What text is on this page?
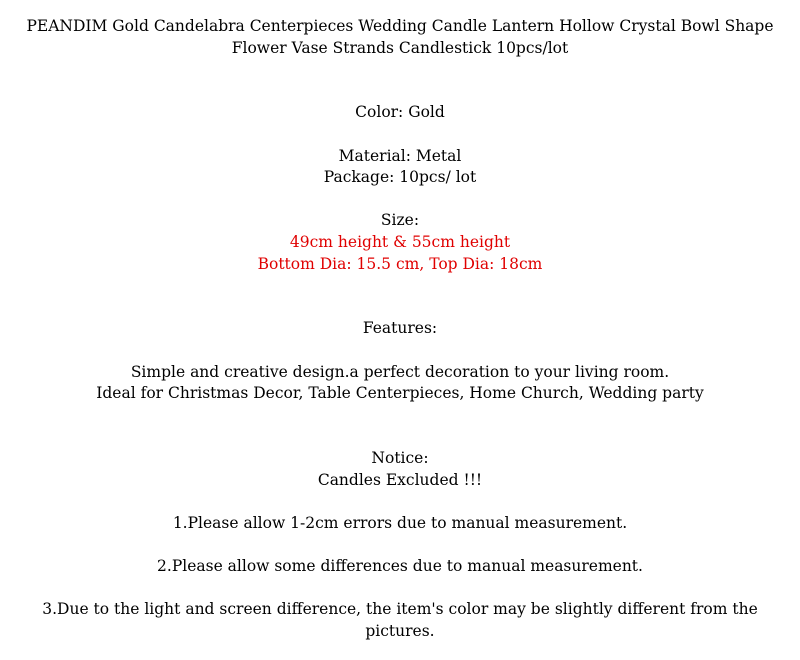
PEANDIM Gold Candelabra Centerpieces Wedding Candle Lantern Hollow Crystal Bowl Shape
Flower Vase Strands Candlestick 10pcs/lot
Color: Gold
Material: Metal
Package: 10pcs/ lot
Size:
49cm height & 55cm height
Bottom Dia: 15.5 cm, Top Dia: 18cm
Features:
Simple and creative design.a perfect decoration to your living room.
Ideal for Christmas Decor, Table Centerpieces, Home Church, Wedding party
Notice:
Candles Excluded !!!
1.Please allow 1-2cm errors due to manual measurement.
2.Please allow some differences due to manual measurement.
3.Due to the light and screen difference, the item's color may be slightly different from the
pictures.
